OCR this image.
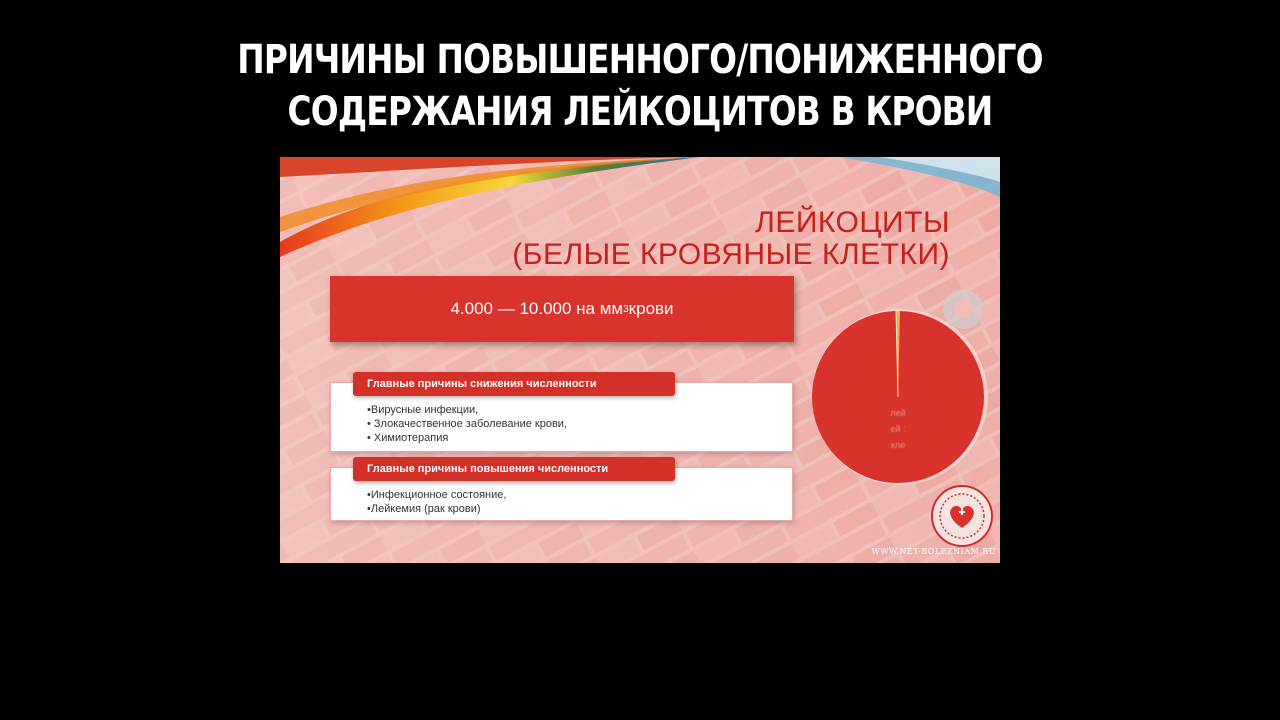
ПРИЧИНЫ ПОВЫШЕННОГО/ПОНИЖЕННОГО
СОДЕРЖАНИЯ ЛЕЙКОЦИТОВ В КРОВИ
ЛЕЙКОЦИТЫ
(БЕЛЫЕ КРОВЯНЫЕ КЛЕТКИ)
4.000 — 10.000 на мм 3 крови
•Вирусные инфекции,
• Злокачественное заболевание крови,
• Химиотерапия
Главные причины снижения численности
•Инфекционное состояние,
•Лейкемия (рак крови)
Главные причины повышения численности
лей
ей :
кле
WWW.NET-BOLEZNIAM.RU
